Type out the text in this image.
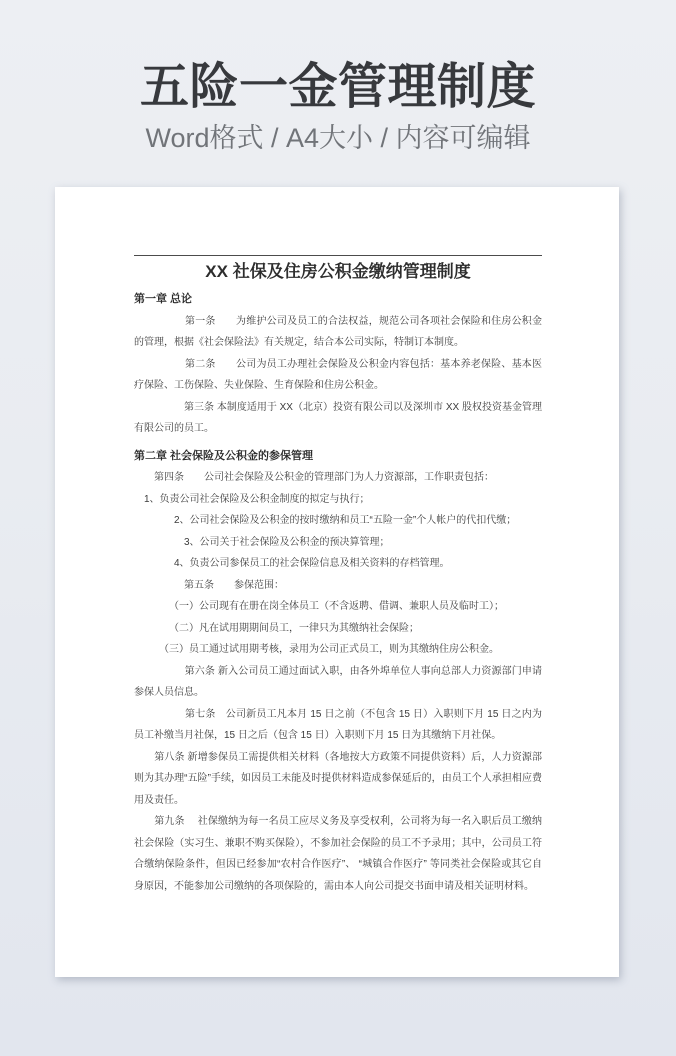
五险一金管理制度
Word格式 / A4大小 / 内容可编辑
XX 社保及住房公积金缴纳管理制度
第一章 总论
　　　　　第一条　　为维护公司及员工的合法权益，规范公司各项社会保险和住房公积金的管理，根据《社会保险法》有关规定，结合本公司实际，特制订本制度。
　　　　　第二条　　公司为员工办理社会保险及公积金内容包括：基本养老保险、基本医疗保险、工伤保险、失业保险、生育保险和住房公积金。
　　　　　第三条 本制度适用于 XX（北京）投资有限公司以及深圳市 XX 股权投资基金管理有限公司的员工。
第二章 社会保险及公积金的参保管理
　　第四条　　公司社会保险及公积金的管理部门为人力资源部，工作职责包括：
　1、负责公司社会保险及公积金制度的拟定与执行；
　　　　2、公司社会保险及公积金的按时缴纳和员工“五险一金”个人帐户的代扣代缴；
　　　　　3、公司关于社会保险及公积金的预决算管理；
　　　　4、负责公司参保员工的社会保险信息及相关资料的存档管理。
　　　　　第五条　　参保范围：
　　　　（一）公司现有在册在岗全体员工（不含返聘、借调、兼职人员及临时工）；
　　　　（二）凡在试用期期间员工，一律只为其缴纳社会保险；
　　　（三）员工通过试用期考核，录用为公司正式员工，则为其缴纳住房公积金。
　　　　　第六条 新入公司员工通过面试入职，由各外埠单位人事向总部人力资源部门申请参保人员信息。
　　　　　第七条　公司新员工凡本月 15 日之前（不包含 15 日）入职则下月 15 日之内为员工补缴当月社保，15 日之后（包含 15 日）入职则下月 15 日为其缴纳下月社保。
　　第八条 新增参保员工需提供相关材料（各地按大方政策不同提供资料）后，人力资源部则为其办理“五险”手续，如因员工未能及时提供材料造成参保延后的，由员工个人承担相应费用及责任。
　　第九条　 社保缴纳为每一名员工应尽义务及享受权利，公司将为每一名入职后员工缴纳社会保险（实习生、兼职不购买保险），不参加社会保险的员工不予录用；其中，公司员工符合缴纳保险条件，但因已经参加“农村合作医疗”、 “城镇合作医疗” 等同类社会保险或其它自身原因，不能参加公司缴纳的各项保险的，需由本人向公司提交书面申请及相关证明材料。
